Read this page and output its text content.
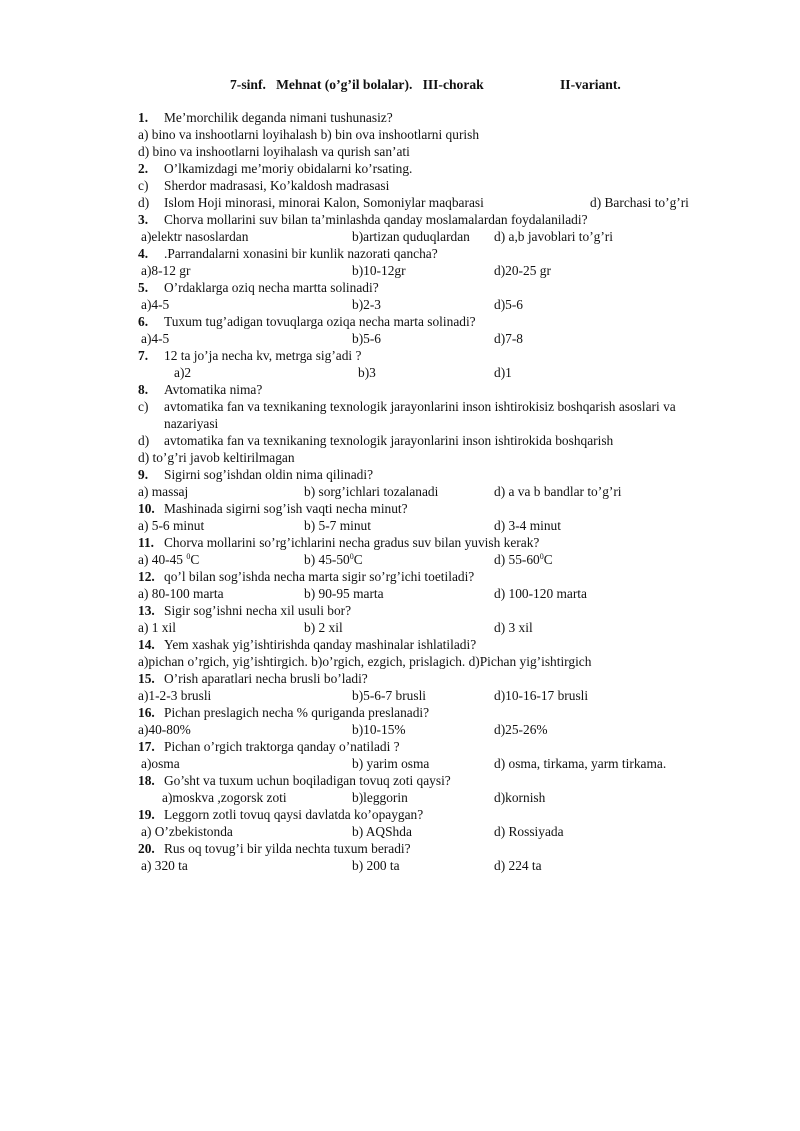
7-sinf.   Mehnat (o’g’il bolalar).   III-chorak

	II-variant.

1. Me’morchilik deganda nimani tushunasiz?
a) bino va inshootlarni loyihalash b) bin ova inshootlarni qurish
d) bino va inshootlarni loyihalash va qurish san’ati
2. O’lkamizdagi me’moriy obidalarni ko’rsating.
c) Sherdor madrasasi, Ko’kaldosh madrasasi
d) Islom Hoji minorasi, minorai Kalon, Somoniylar maqbarasi	d) Barchasi to’g’ri
3. Chorva mollarini suv bilan ta’minlashda qanday moslamalardan foydalaniladi?
a)elektr nasoslardan	b)artizan quduqlardan d) a,b javoblari to’g’ri
4. .Parrandalarni xonasini bir kunlik nazorati qancha?
a)8-12 gr	b)10-12gr	d)20-25 gr
5. O’rdaklarga oziq necha martta solinadi?
a)4-5	b)2-3	d)5-6
6. Tuxum tug’adigan tovuqlarga oziqa necha marta solinadi?
a)4-5	b)5-6	d)7-8
7. 12 ta jo’ja necha kv, metrga sig’adi ?
a)2	b)3	d)1
8. Avtomatika nima?
c) avtomatika fan va texnikaning texnologik jarayonlarini inson ishtirokisiz boshqarish asoslari va nazariyasi
d) avtomatika fan va texnikaning texnologik jarayonlarini inson ishtirokida boshqarish
d) to’g’ri javob keltirilmagan
9. Sigirni sog’ishdan oldin nima qilinadi?
a) massaj	b) sorg’ichlari tozalanadi	d) a va b bandlar to’g’ri
10. Mashinada sigirni sog’ish vaqti necha minut?
a) 5-6 minut	b) 5-7 minut	d) 3-4 minut
11. Chorva mollarini so’rg’ichlarini necha gradus suv bilan yuvish kerak?
a) 40-45 $^0$C	b) $45-50^0C$	d) $55-60^0C$
12. qo’l bilan sog’ishda necha marta sigir so’rg’ichi toetiladi?
a) 80-100 marta	b) 90-95 marta	d) 100-120 marta
13. Sigir sog’ishni necha xil usuli bor?
a) 1 xil	b) 2 xil	d) 3 xil
14. Yem xashak yig’ishtirishda qanday mashinalar ishlatiladi?
a)pichan o’rgich, yig’ishtirgich. b)o’rgich, ezgich, prislagich. d)Pichan yig’ishtirgich
15. O’rish aparatlari necha brusli bo’ladi?
a)1-2-3 brusli	b)5-6-7 brusli	d)10-16-17 brusli
16. Pichan preslagich necha % quriganda preslanadi?
a)40-80%	b)10-15%	d)25-26%
17. Pichan o’rgich traktorga qanday o’natiladi ?
a)osma	b) yarim osma	d) osma, tirkama, yarm tirkama.
18. Go’sht va tuxum uchun boqiladigan tovuq zoti qaysi?
a)moskva ,zogorsk zoti	b)leggorin	d)kornish
19. Leggorn zotli tovuq qaysi davlatda ko’opaygan?
a) O’zbekistonda	b) AQShda	d) Rossiyada
20. Rus oq tovug’i bir yilda nechta tuxum beradi?
a) 320 ta	b) 200 ta	d) 224 ta
